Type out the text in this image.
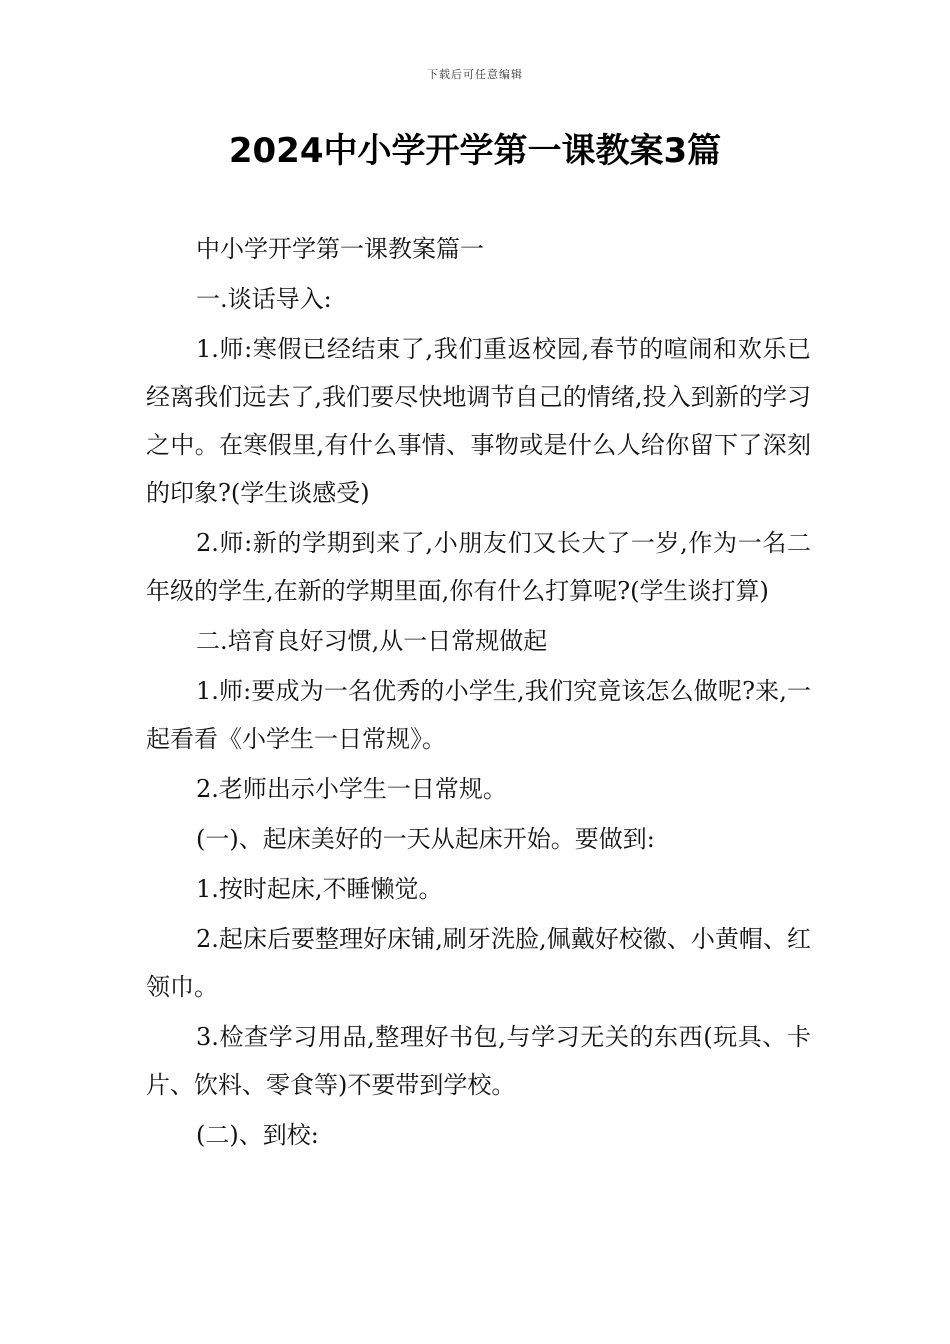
下载后可任意编辑
2024中小学开学第一课教案3篇

中小学开学第一课教案篇一

一.谈话导入:

1.师:寒假已经结束了,我们重返校园,春节的喧闹和欢乐已经离我们远去了,我们要尽快地调节自己的情绪,投入到新的学习之中。在寒假里,有什么事情、事物或是什么人给你留下了深刻的印象?(学生谈感受)

2.师:新的学期到来了,小朋友们又长大了一岁,作为一名二年级的学生,在新的学期里面,你有什么打算呢?(学生谈打算)

二.培育良好习惯,从一日常规做起

1.师:要成为一名优秀的小学生,我们究竟该怎么做呢?来,一起看看《小学生一日常规》。

2.老师出示小学生一日常规。

(一)、起床美好的一天从起床开始。要做到:

1.按时起床,不睡懒觉。

2.起床后要整理好床铺,刷牙洗脸,佩戴好校徽、小黄帽、红领巾。

3.检查学习用品,整理好书包,与学习无关的东西(玩具、卡片、饮料、零食等)不要带到学校。

(二)、到校:
